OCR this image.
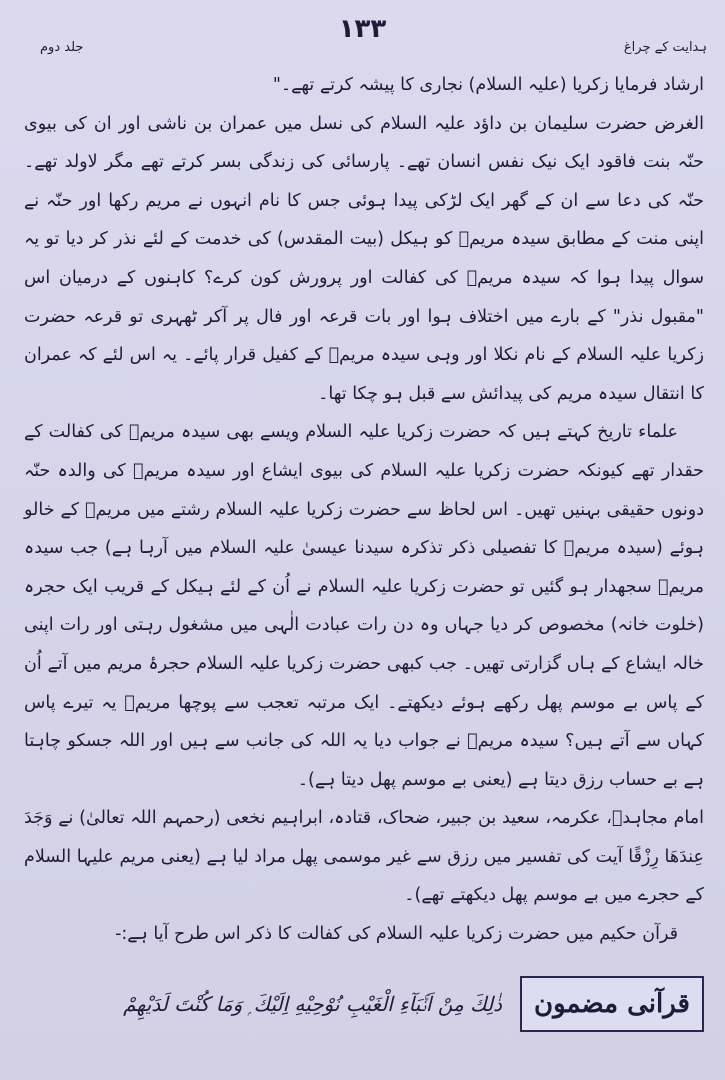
۱۳۳
جلد دوم	ہدایت کے چراغ

ارشاد فرمایا زکریا (علیہ السلام) نجاری کا پیشہ کرتے تھے۔"

الغرض حضرت سلیمان بن داؤد علیہ السلام کی نسل میں عمران بن ناشی اور ان کی بیوی حنّہ بنت فاقود ایک نیک نفس انسان تھے۔ پارسائی کی زندگی بسر کرتے تھے مگر لاولد تھے۔ حنّہ کی دعا سے ان کے گھر ایک لڑکی پیدا ہوئی جس کا نام انہوں نے مریم رکھا اور حنّہ نے اپنی منت کے مطابق سیدہ مریمؑ کو ہیکل (بیت المقدس) کی خدمت کے لئے نذر کر دیا تو یہ سوال پیدا ہوا کہ سیدہ مریمؑ کی کفالت اور پرورش کون کرے؟ کاہنوں کے درمیان اس "مقبول نذر" کے بارے میں اختلاف ہوا اور بات قرعہ اور فال پر آکر ٹھہری تو قرعہ حضرت زکریا علیہ السلام کے نام نکلا اور وہی سیدہ مریمؑ کے کفیل قرار پائے۔ یہ اس لئے کہ عمران کا انتقال سیدہ مریم کی پیدائش سے قبل ہو چکا تھا۔

علماء تاریخ کہتے ہیں کہ حضرت زکریا علیہ السلام ویسے بھی سیدہ مریمؑ کی کفالت کے حقدار تھے کیونکہ حضرت زکریا علیہ السلام کی بیوی ایشاع اور سیدہ مریمؑ کی والدہ حنّہ دونوں حقیقی بہنیں تھیں۔ اس لحاظ سے حضرت زکریا علیہ السلام رشتے میں مریمؑ کے خالو ہوئے (سیدہ مریمؑ کا تفصیلی ذکر تذکرہ سیدنا عیسیٰ علیہ السلام میں آرہا ہے) جب سیدہ مریمؑ سجھدار ہو گئیں تو حضرت زکریا علیہ السلام نے اُن کے لئے ہیکل کے قریب ایک حجرہ (خلوت خانہ) مخصوص کر دیا جہاں وہ دن رات عبادت الٰہی میں مشغول رہتی اور رات اپنی خالہ ایشاع کے ہاں گزارتی تھیں۔ جب کبھی حضرت زکریا علیہ السلام حجرۂ مریم میں آتے اُن کے پاس بے موسم پھل رکھے ہوئے دیکھتے۔ ایک مرتبہ تعجب سے پوچھا مریمؑ یہ تیرے پاس کہاں سے آتے ہیں؟ سیدہ مریمؑ نے جواب دیا یہ اللہ کی جانب سے ہیں اور اللہ جسکو چاہتا ہے بے حساب رزق دیتا ہے (یعنی بے موسم پھل دیتا ہے)۔

امام مجاہدؒ، عکرمہ، سعید بن جبیر، ضحاک، قتادہ، ابراہیم نخعی (رحمہم اللہ تعالیٰ) نے وَجَدَ عِندَهَا رِزْقًا آیت کی تفسیر میں رزق سے غیر موسمی پھل مراد لیا ہے (یعنی مریم علیہا السلام کے حجرے میں بے موسم پھل دیکھتے تھے)۔

قرآن حکیم میں حضرت زکریا علیہ السلام کی کفالت کا ذکر اس طرح آیا ہے:-

قرآنی مضمون
ذٰلِكَ مِنْ اَنْۢبَآءِ الْغَيْبِ نُوْحِيْهِ اِلَيْكَ ۭ وَمَا كُنْتَ لَدَيْهِمْ
